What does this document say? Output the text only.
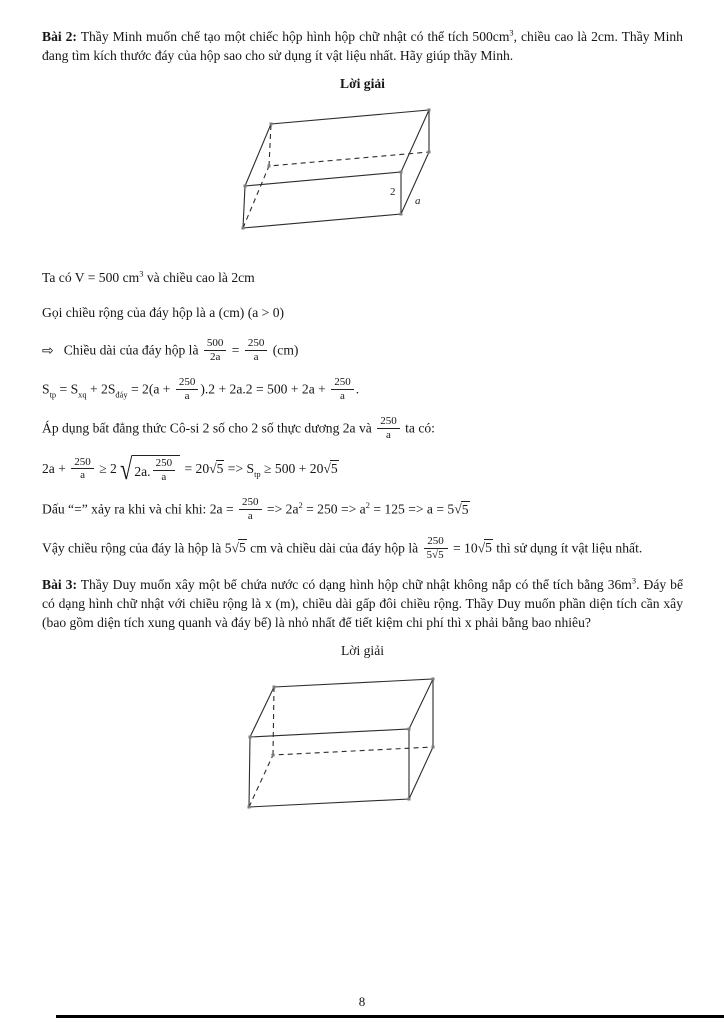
Bài 2: Thầy Minh muốn chế tạo một chiếc hộp hình hộp chữ nhật có thể tích $500cm^3$, chiều cao là 2cm. Thầy Minh đang tìm kích thước đáy của hộp sao cho sử dụng ít vật liệu nhất. Hãy giúp thầy Minh.

Lời giải

2
a

Ta có V = 500 $cm^3$ và chiều cao là 2cm

Gọi chiều rộng của đáy hộp là a (cm) (a > 0)

⇨ Chiều dài của đáy hộp là $\frac{500}{2a} = \frac{250}{a} (cm)$

$S_{tp} = S_{xq} + 2S_{đáy} = 2(a + \frac{250}{a} ).2 + 2a.2 = 500 + 2a + \frac{250}{a}$ .

Áp dụng bất đẳng thức Cô-si 2 số cho 2 số thực dương 2a và $\frac{250}{a}$ ta có:

$2a + \frac{250}{a} \ge 2$ √ 2a. $\frac{250}{a} = 20√5 => S_{tp} \ge 500 + 20√5$

Dấu “=” xảy ra khi và chỉ khi: $2a = \frac{250}{a} => 2a^2 = 250 => a^2 = 125 => a = 5√5$

Vậy chiều rộng của đáy là hộp là 5√5 cm và chiều dài của đáy hộp là $\frac{250}{5√5} = 10√5$ thì sử dụng ít vật liệu nhất.

Bài 3: Thầy Duy muốn xây một bể chứa nước có dạng hình hộp chữ nhật không nắp có thể tích bằng $36m^3$. Đáy bể có dạng hình chữ nhật với chiều rộng là x (m), chiều dài gấp đôi chiều rộng. Thầy Duy muốn phần diện tích cần xây (bao gồm diện tích xung quanh và đáy bể) là nhỏ nhất để tiết kiệm chi phí thì x phải bằng bao nhiêu?

Lời giải

8
